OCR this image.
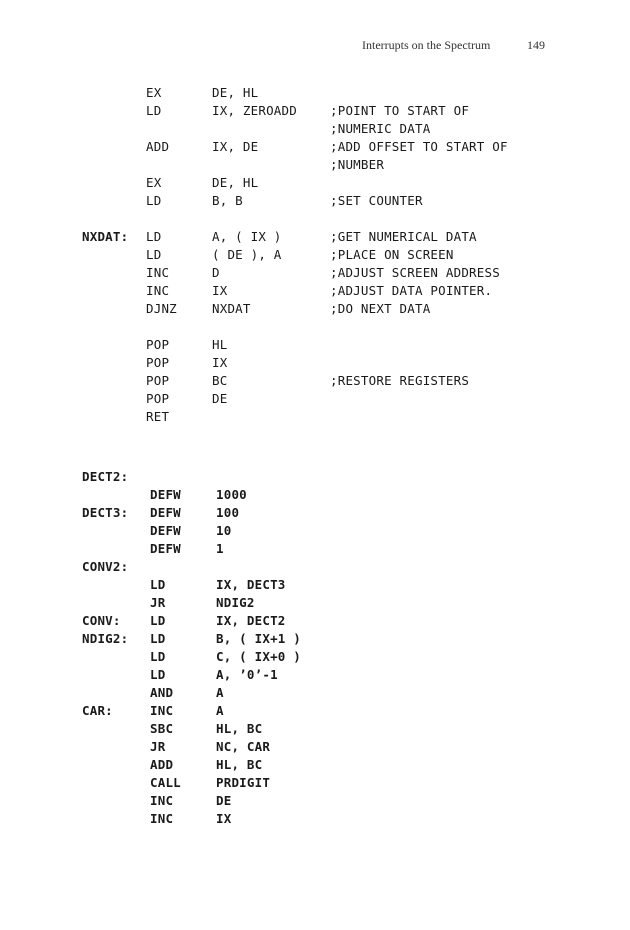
Interrupts on the Spectrum	149
EX	DE, HL
LD	IX, ZEROADD	;POINT TO START OF
;NUMERIC DATA
ADD	IX, DE	;ADD OFFSET TO START OF
;NUMBER
EX	DE, HL
LD	B, B	;SET COUNTER
NXDAT: LD	A, ( IX )	;GET NUMERICAL DATA
LD	( DE ), A	;PLACE ON SCREEN
INC	D	;ADJUST SCREEN ADDRESS
INC	IX	;ADJUST DATA POINTER.
DJNZ	NXDAT	;DO NEXT DATA
POP	HL
POP	IX
POP	BC	;RESTORE REGISTERS
POP	DE
RET
DECT2:
DEFW	1000
DECT3: DEFW	100
DEFW	10
DEFW	1
CONV2:
LD	IX, DECT3
JR	NDIG2
CONV: LD	IX, DECT2
NDIG2: LD	B, ( IX+1 )
LD	C, ( IX+0 )
LD	A, ’0’-1
AND	A
CAR:	INC	A
SBC	HL, BC
JR	NC, CAR
ADD	HL, BC
CALL	PRDIGIT
INC	DE
INC	IX
